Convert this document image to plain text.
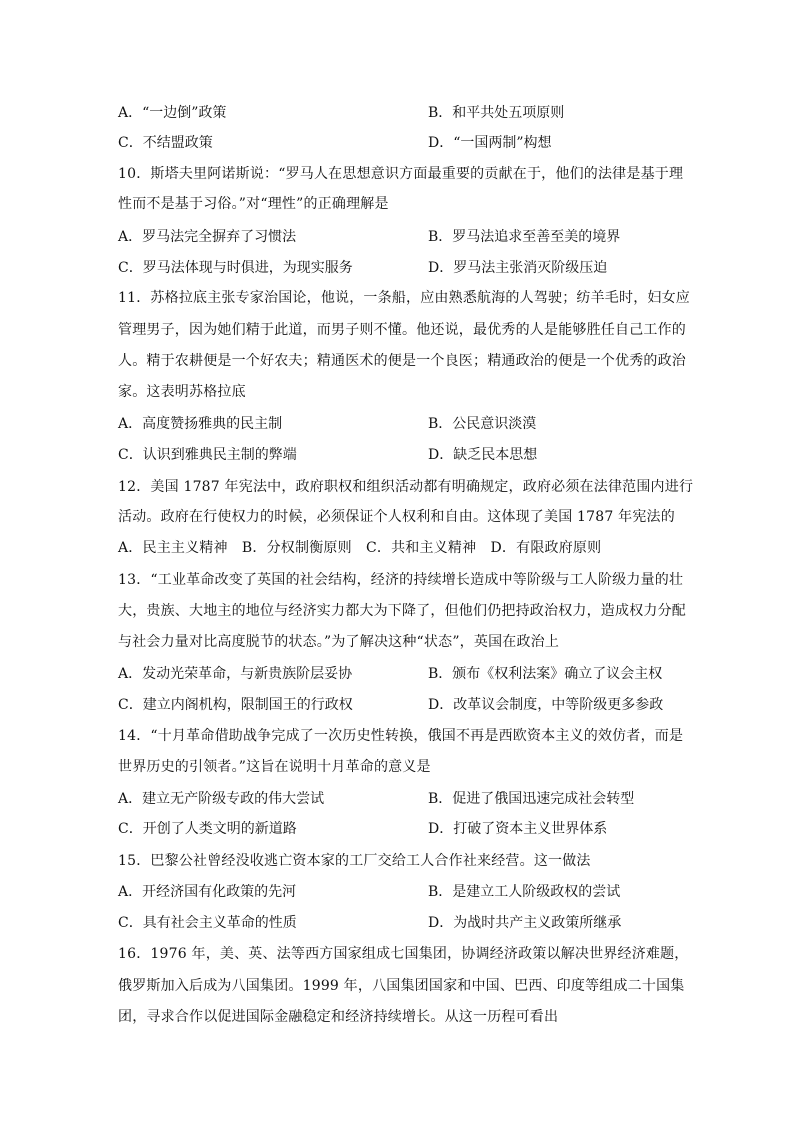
A．“一边倒”政策	B．和平共处五项原则
C．不结盟政策	D．“一国两制”构想
10．斯塔夫里阿诺斯说：“罗马人在思想意识方面最重要的贡献在于，他们的法律是基于理
性而不是基于习俗。”对“理性”的正确理解是
A．罗马法完全摒弃了习惯法	B．罗马法追求至善至美的境界
C．罗马法体现与时俱进，为现实服务	D．罗马法主张消灭阶级压迫
11．苏格拉底主张专家治国论，他说，一条船，应由熟悉航海的人驾驶；纺羊毛时，妇女应
管理男子，因为她们精于此道，而男子则不懂。他还说，最优秀的人是能够胜任自己工作的
人。精于农耕便是一个好农夫；精通医术的便是一个良医；精通政治的便是一个优秀的政治
家。这表明苏格拉底
A．高度赞扬雅典的民主制	B．公民意识淡漠
C．认识到雅典民主制的弊端	D．缺乏民本思想
12．美国 1787 年宪法中，政府职权和组织活动都有明确规定，政府必须在法律范围内进行
活动。政府在行使权力的时候，必须保证个人权利和自由。这体现了美国 1787 年宪法的
A．民主主义精神　B．分权制衡原则　C．共和主义精神　D．有限政府原则
13．“工业革命改变了英国的社会结构，经济的持续增长造成中等阶级与工人阶级力量的壮
大，贵族、大地主的地位与经济实力都大为下降了，但他们仍把持政治权力，造成权力分配
与社会力量对比高度脱节的状态。”为了解决这种“状态”，英国在政治上
A．发动光荣革命，与新贵族阶层妥协	B．颁布《权利法案》确立了议会主权
C．建立内阁机构，限制国王的行政权	D．改革议会制度，中等阶级更多参政
14．“十月革命借助战争完成了一次历史性转换，俄国不再是西欧资本主义的效仿者，而是
世界历史的引领者。”这旨在说明十月革命的意义是
A．建立无产阶级专政的伟大尝试	B．促进了俄国迅速完成社会转型
C．开创了人类文明的新道路	D．打破了资本主义世界体系
15．巴黎公社曾经没收逃亡资本家的工厂交给工人合作社来经营。这一做法
A．开经济国有化政策的先河	B．是建立工人阶级政权的尝试
C．具有社会主义革命的性质	D．为战时共产主义政策所继承
16．1976 年，美、英、法等西方国家组成七国集团，协调经济政策以解决世界经济难题，
俄罗斯加入后成为八国集团。1999 年，八国集团国家和中国、巴西、印度等组成二十国集
团，寻求合作以促进国际金融稳定和经济持续增长。从这一历程可看出
